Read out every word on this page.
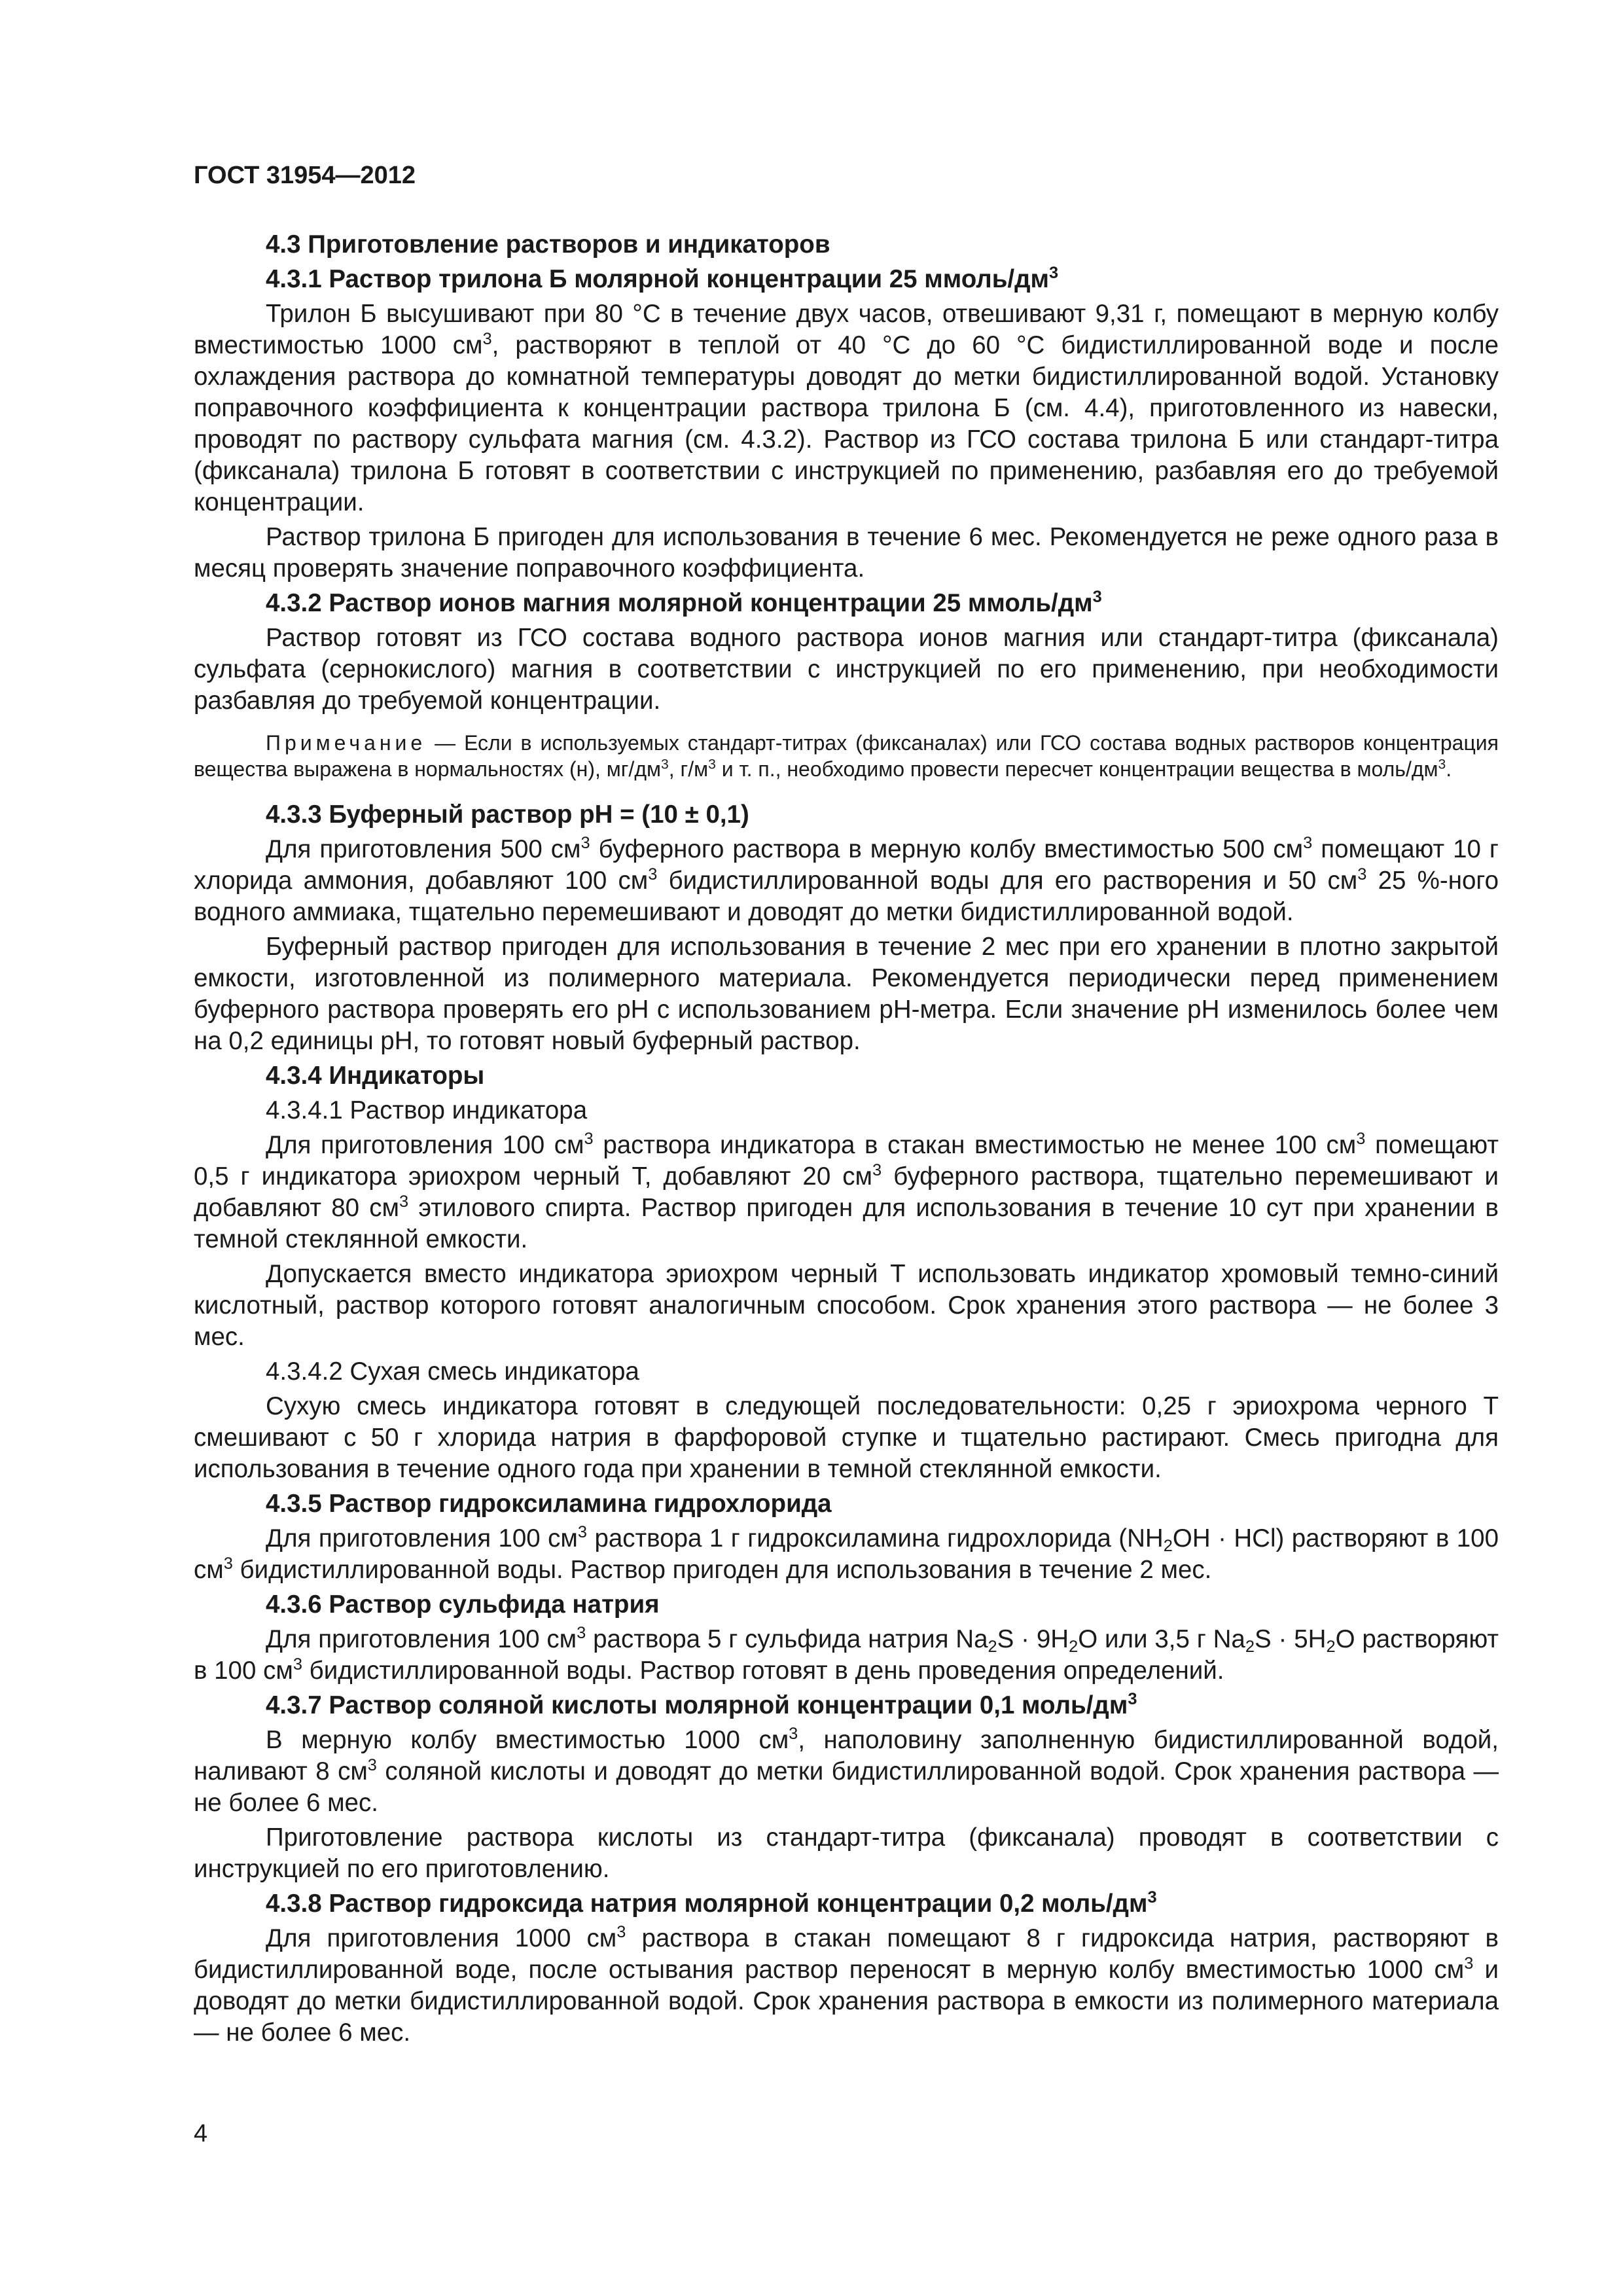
ГОСТ 31954—2012

4.3 Приготовление растворов и индикаторов

4.3.1 Раствор трилона Б молярной концентрации 25 ммоль/$дм^3$

Трилон Б высушивают при 80 °С в течение двух часов, отвешивают 9,31 г, помещают в мерную колбу вместимостью 1000 $см^3$, растворяют в теплой от 40 °С до 60 °С бидистиллированной воде и после охлаждения раствора до комнатной температуры доводят до метки бидистиллированной водой. Установку поправочного коэффициента к концентрации раствора трилона Б (см. 4.4), приготовленного из навески, проводят по раствору сульфата магния (см. 4.3.2). Раствор из ГСО состава трилона Б или стандарт-титра (фиксанала) трилона Б готовят в соответствии с инструкцией по применению, разбавляя его до требуемой концентрации.

Раствор трилона Б пригоден для использования в течение 6 мес. Рекомендуется не реже одного раза в месяц проверять значение поправочного коэффициента.

4.3.2 Раствор ионов магния молярной концентрации 25 ммоль/$дм^3$

Раствор готовят из ГСО состава водного раствора ионов магния или стандарт-титра (фиксанала) сульфата (сернокислого) магния в соответствии с инструкцией по его применению, при необходимости разбавляя до требуемой концентрации.

Примечание — Если в используемых стандарт-титрах (фиксаналах) или ГСО состава водных растворов концентрация вещества выражена в нормальностях (н), $мг/дм^3$, $г/м^3$ и т. п., необходимо провести пересчет концентрации вещества в моль/$дм^3$.

4.3.3 Буферный раствор рН = (10 ± 0,1)

Для приготовления 500 $см^3$ буферного раствора в мерную колбу вместимостью 500 $см^3$ помещают 10 г хлорида аммония, добавляют 100 $см^3$ бидистиллированной воды для его растворения и 50 $см^3$ 25 %-ного водного аммиака, тщательно перемешивают и доводят до метки бидистиллированной водой.

Буферный раствор пригоден для использования в течение 2 мес при его хранении в плотно закрытой емкости, изготовленной из полимерного материала. Рекомендуется периодически перед применением буферного раствора проверять его рН с использованием рН-метра. Если значение рН изменилось более чем на 0,2 единицы рН, то готовят новый буферный раствор.

4.3.4 Индикаторы

4.3.4.1 Раствор индикатора

Для приготовления 100 $см^3$ раствора индикатора в стакан вместимостью не менее 100 $см^3$ помещают 0,5 г индикатора эриохром черный Т, добавляют 20 $см^3$ буферного раствора, тщательно перемешивают и добавляют 80 $см^3$ этилового спирта. Раствор пригоден для использования в течение 10 сут при хранении в темной стеклянной емкости.

Допускается вместо индикатора эриохром черный Т использовать индикатор хромовый темно-синий кислотный, раствор которого готовят аналогичным способом. Срок хранения этого раствора — не более 3 мес.

4.3.4.2 Сухая смесь индикатора

Сухую смесь индикатора готовят в следующей последовательности: 0,25 г эриохрома черного Т смешивают с 50 г хлорида натрия в фарфоровой ступке и тщательно растирают. Смесь пригодна для использования в течение одного года при хранении в темной стеклянной емкости.

4.3.5 Раствор гидроксиламина гидрохлорида

Для приготовления 100 $см^3$ раствора 1 г гидроксиламина гидрохлорида $(NH_2OH \cdot HCl)$ растворяют в 100 $см^3$ бидистиллированной воды. Раствор пригоден для использования в течение 2 мес.

4.3.6 Раствор сульфида натрия

Для приготовления 100 $см^3$ раствора 5 г сульфида натрия $Na_2S \cdot 9H_2O$ или 3,5 г $Na_2S \cdot 5H_2O$ растворяют в 100 $см^3$ бидистиллированной воды. Раствор готовят в день проведения определений.

4.3.7 Раствор соляной кислоты молярной концентрации 0,1 моль/$дм^3$

В мерную колбу вместимостью 1000 $см^3$, наполовину заполненную бидистиллированной водой, наливают 8 $см^3$ соляной кислоты и доводят до метки бидистиллированной водой. Срок хранения раствора — не более 6 мес.

Приготовление раствора кислоты из стандарт-титра (фиксанала) проводят в соответствии с инструкцией по его приготовлению.

4.3.8 Раствор гидроксида натрия молярной концентрации 0,2 моль/$дм^3$

Для приготовления 1000 $см^3$ раствора в стакан помещают 8 г гидроксида натрия, растворяют в бидистиллированной воде, после остывания раствор переносят в мерную колбу вместимостью 1000 $см^3$ и доводят до метки бидистиллированной водой. Срок хранения раствора в емкости из полимерного материала — не более 6 мес.

4
